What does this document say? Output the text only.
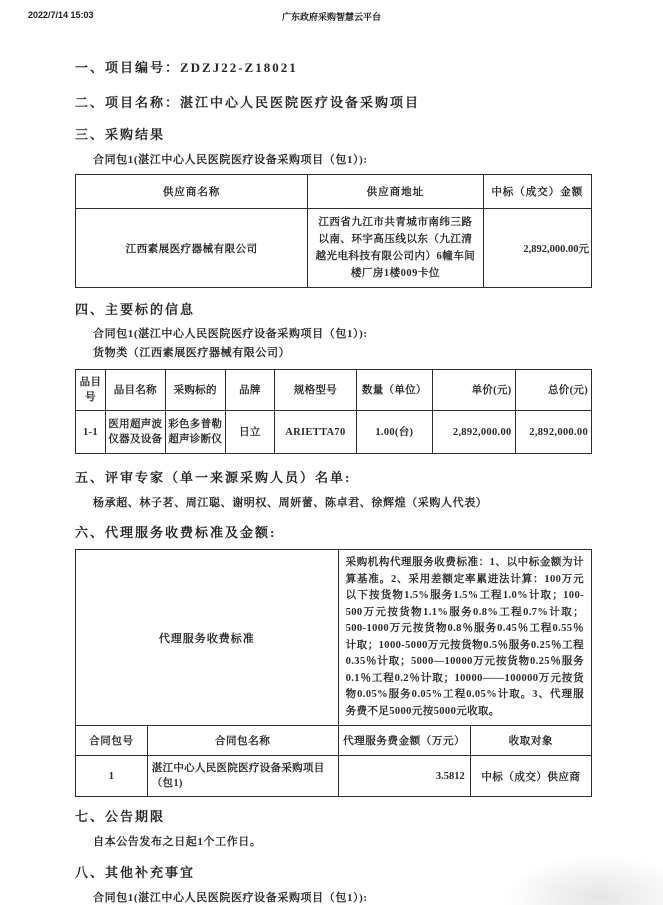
2022/7/14 15:03	广东政府采购智慧云平台
一、项目编号：ZDZJ22-Z18021
二、项目名称：湛江中心人民医院医疗设备采购项目
三、采购结果
合同包1(湛江中心人民医院医疗设备采购项目（包1）):
供应商名称	供应商地址	中标（成交）金额
江西素展医疗器械有限公司	江西省九江市共青城市南纬三路以南、环宇高压线以东（九江清越光电科技有限公司内）6幢车间楼厂房1楼009卡位	2,892,000.00元
四、主要标的信息
合同包1(湛江中心人民医院医疗设备采购项目（包1）):
货物类（江西素展医疗器械有限公司）
品目号	品目名称	采购标的	品牌	规格型号	数量（单位）	单价(元)	总价(元)
1-1	医用超声波仪器及设备	彩色多普勒超声诊断仪	日立	ARIETTA70	1.00(台)	2,892,000.00	2,892,000.00
五、评审专家（单一来源采购人员）名单:
杨承超、林子茗、周江聪、谢明权、周妍蕾、陈卓君、徐辉煌（采购人代表）
六、代理服务收费标准及金额:
代理服务收费标准		采购机构代理服务收费标准：1、以中标金额为计算基准。2、采用差额定率累进法计算：100万元以下按货物1.5%服务1.5%工程1.0%计取；100-500万元按货物1.1%服务0.8%工程0.7%计取；500-1000万元按货物0.8％服务0.45％工程0.55％计取；1000-5000万元按货物0.5％服务0.25％工程0.35％计取；5000—10000万元按货物0.25％服务0.1％工程0.2％计取；10000——100000万元按货物0.05%服务0.05%工程0.05%计取。3、代理服务费不足5000元按5000元收取。	
合同包号	合同包名称	代理服务费金额（万元）	收取对象
1	湛江中心人民医院医疗设备采购项目（包1)	3.5812	中标（成交）供应商
七、公告期限
自本公告发布之日起1个工作日。
八、其他补充事宜
合同包1(湛江中心人民医院医疗设备采购项目（包1）):
